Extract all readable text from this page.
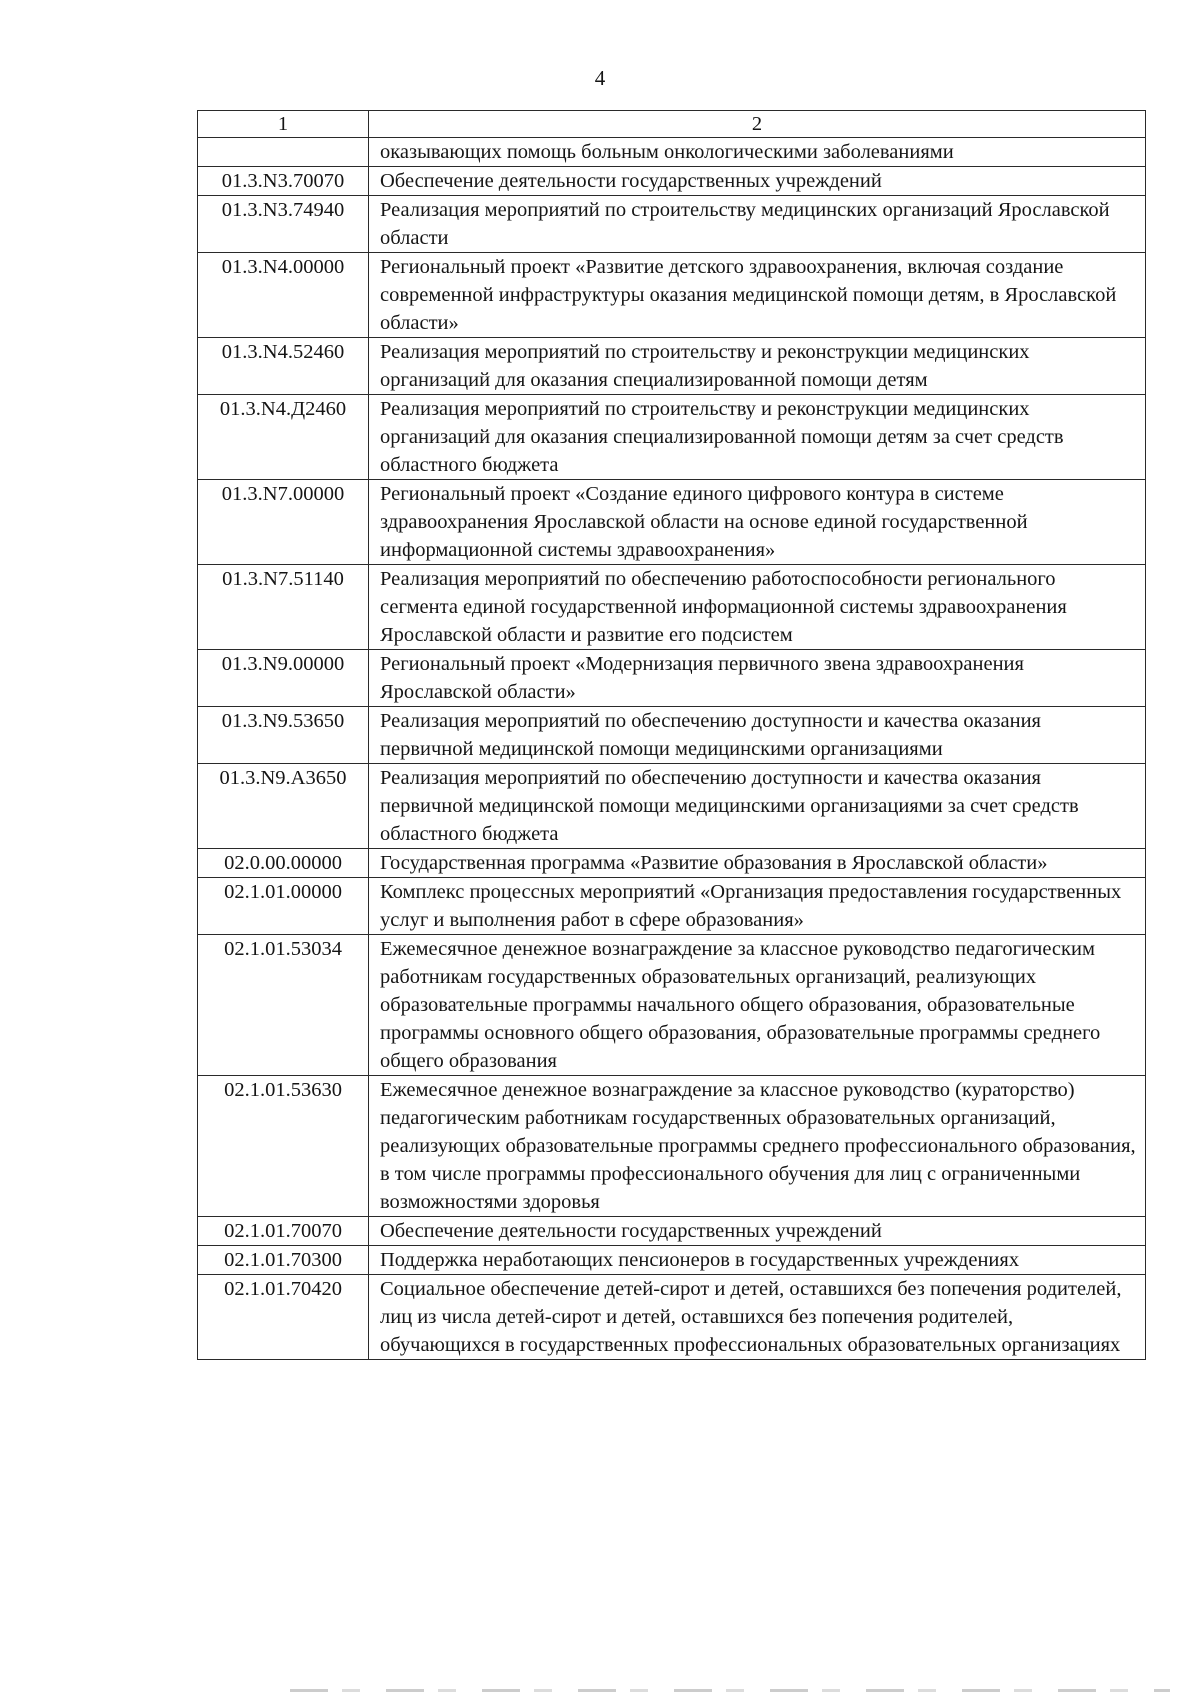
4
1	2
	оказывающих помощь больным онкологическими заболеваниями
01.3.N3.70070	Обеспечение деятельности государственных учреждений
01.3.N3.74940	Реализация мероприятий по строительству медицинских организаций Ярославской области
01.3.N4.00000	Региональный проект «Развитие детского здравоохранения, включая создание современной инфраструктуры оказания медицинской помощи детям, в Ярославской области»
01.3.N4.52460	Реализация мероприятий по строительству и реконструкции медицинских организаций для оказания специализированной помощи детям
01.3.N4.Д2460	Реализация мероприятий по строительству и реконструкции медицинских организаций для оказания специализированной помощи детям за счет средств областного бюджета
01.3.N7.00000	Региональный проект «Создание единого цифрового контура в системе здравоохранения Ярославской области на основе единой государственной информационной системы здравоохранения»
01.3.N7.51140	Реализация мероприятий по обеспечению работоспособности регионального сегмента единой государственной информационной системы здравоохранения Ярославской области и развитие его подсистем
01.3.N9.00000	Региональный проект «Модернизация первичного звена здравоохранения Ярославской области»
01.3.N9.53650	Реализация мероприятий по обеспечению доступности и качества оказания первичной медицинской помощи медицинскими организациями
01.3.N9.A3650	Реализация мероприятий по обеспечению доступности и качества оказания первичной медицинской помощи медицинскими организациями за счет средств областного бюджета
02.0.00.00000	Государственная программа «Развитие образования в Ярославской области»
02.1.01.00000	Комплекс процессных мероприятий «Организация предоставления государственных услуг и выполнения работ в сфере образования»
02.1.01.53034	Ежемесячное денежное вознаграждение за классное руководство педагогическим работникам государственных образовательных организаций, реализующих образовательные программы начального общего образования, образовательные программы основного общего образования, образовательные программы среднего общего образования
02.1.01.53630	Ежемесячное денежное вознаграждение за классное руководство (кураторство) педагогическим работникам государственных образовательных организаций, реализующих образовательные программы среднего профессионального образования, в том числе программы профессионального обучения для лиц с ограниченными возможностями здоровья
02.1.01.70070	Обеспечение деятельности государственных учреждений
02.1.01.70300	Поддержка неработающих пенсионеров в государственных учреждениях
02.1.01.70420	Социальное обеспечение детей-сирот и детей, оставшихся без попечения родителей, лиц из числа детей-сирот и детей, оставшихся без попечения родителей, обучающихся в государственных профессиональных образовательных организациях
